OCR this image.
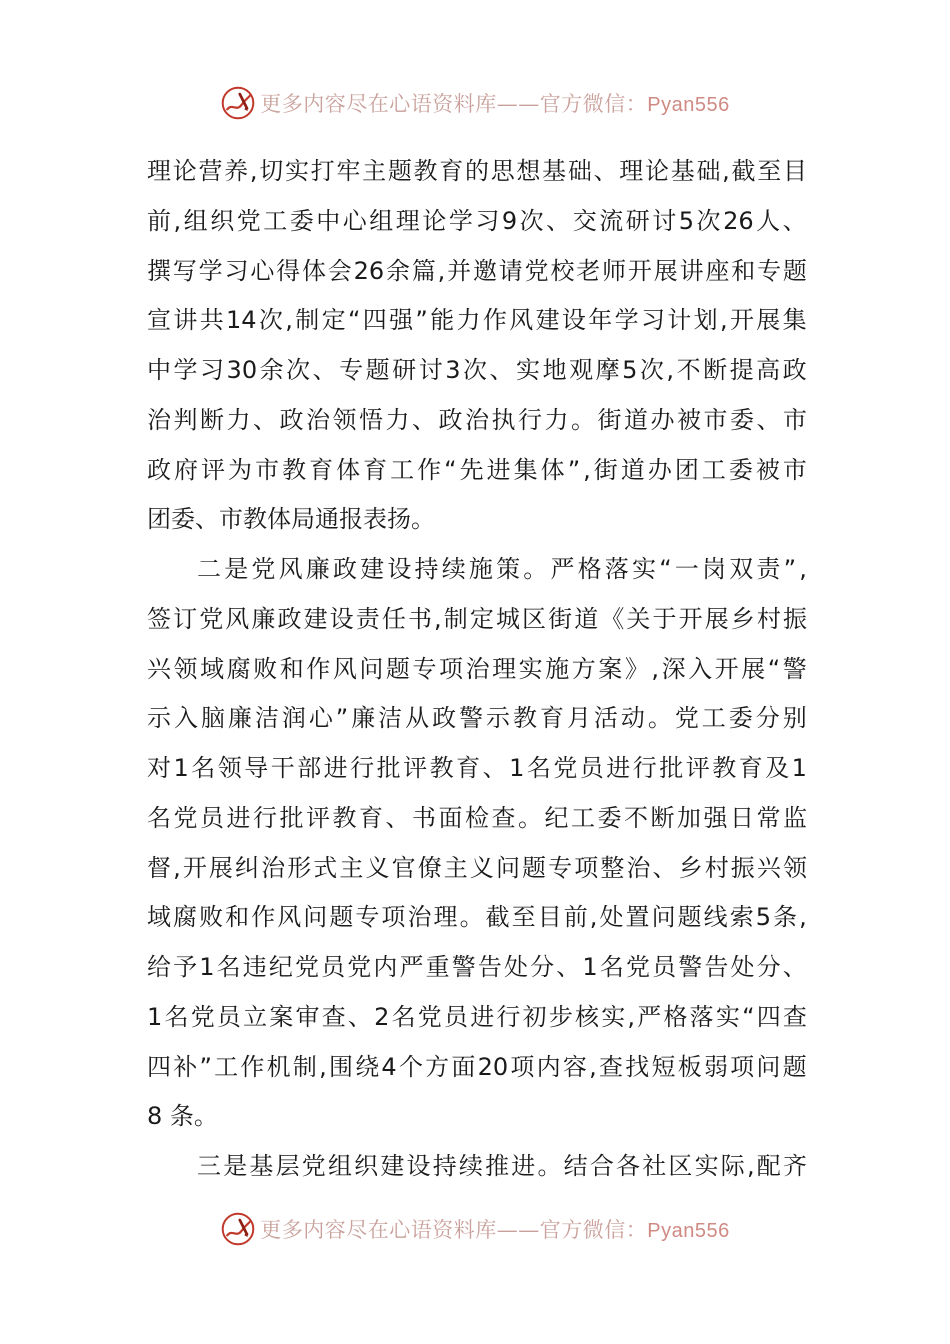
更多内容尽在心语资料库——官方微信：Pyan556
理 论 营 养 , 切 实 打 牢 主 题 教 育 的 思 想 基 础 、 理 论 基 础 , 截 至 目
前 , 组 织 党 工 委 中 心 组 理 论 学 习 9 次 、 交 流 研 讨 5 次 26 人 、
撰 写 学 习 心 得 体 会 26 余 篇 , 并 邀 请 党 校 老 师 开 展 讲 座 和 专 题
宣 讲 共 14 次 , 制 定 “ 四 强 ” 能 力 作 风 建 设 年 学 习 计 划 , 开 展 集
中 学 习 30 余 次 、 专 题 研 讨 3 次 、 实 地 观 摩 5 次 , 不 断 提 高 政
治 判 断 力 、 政 治 领 悟 力 、 政 治 执 行 力 。 街 道 办 被 市 委 、 市
政 府 评 为 市 教 育 体 育 工 作 “ 先 进 集 体 ” , 街 道 办 团 工 委 被 市
团委、市教体局通报表扬。
二 是 党 风 廉 政 建 设 持 续 施 策 。 严 格 落 实 “ 一 岗 双 责 ” ,
签 订 党 风 廉 政 建 设 责 任 书 , 制 定 城 区 街 道 《 关 于 开 展 乡 村 振
兴 领 域 腐 败 和 作 风 问 题 专 项 治 理 实 施 方 案 》 , 深 入 开 展 “ 警
示 入 脑 廉 洁 润 心 ” 廉 洁 从 政 警 示 教 育 月 活 动 。 党 工 委 分 别
对 1 名 领 导 干 部 进 行 批 评 教 育 、 1 名 党 员 进 行 批 评 教 育 及 1
名 党 员 进 行 批 评 教 育 、 书 面 检 查 。 纪 工 委 不 断 加 强 日 常 监
督 , 开 展 纠 治 形 式 主 义 官 僚 主 义 问 题 专 项 整 治 、 乡 村 振 兴 领
域 腐 败 和 作 风 问 题 专 项 治 理 。 截 至 目 前 , 处 置 问 题 线 索 5 条 ,
给 予 1 名 违 纪 党 员 党 内 严 重 警 告 处 分 、 1 名 党 员 警 告 处 分 、
1 名 党 员 立 案 审 查 、 2 名 党 员 进 行 初 步 核 实 , 严 格 落 实 “ 四 查
四 补 ” 工 作 机 制 , 围 绕 4 个 方 面 20 项 内 容 , 查 找 短 板 弱 项 问 题
8 条。
三 是 基 层 党 组 织 建 设 持 续 推 进 。 结 合 各 社 区 实 际 , 配 齐
更多内容尽在心语资料库——官方微信：Pyan556
